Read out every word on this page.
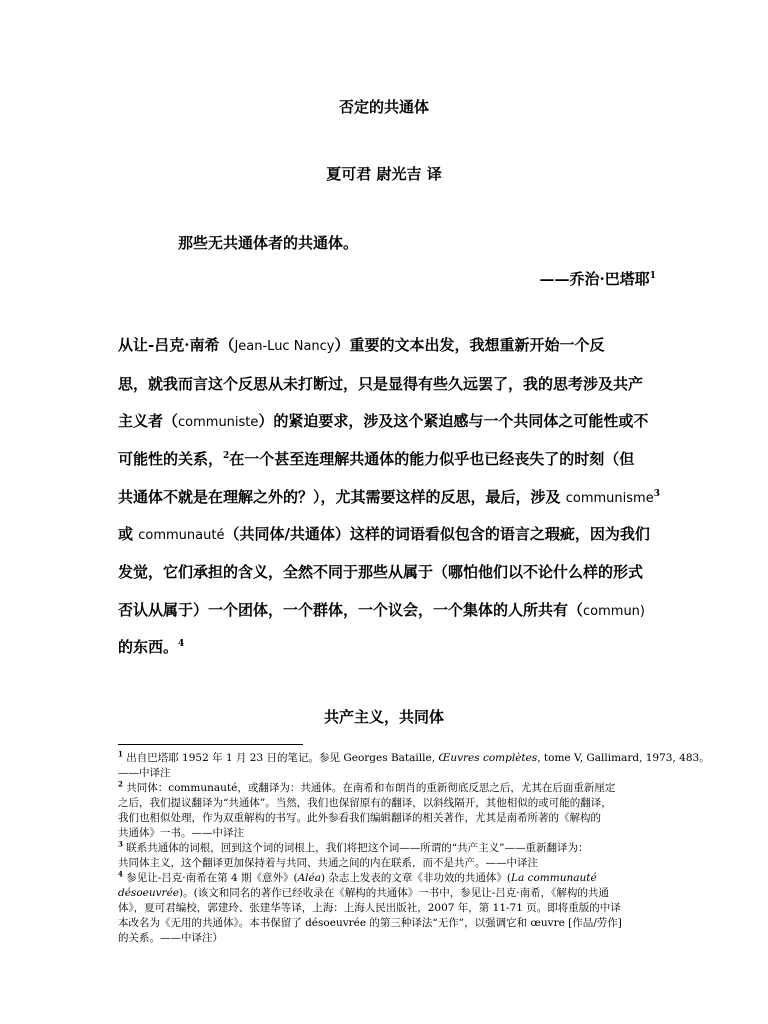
否定的共通体
夏可君 尉光吉 译
那些无共通体者的共通体。
——乔治·巴塔耶$^1$
从让-吕克·南希（Jean-Luc Nancy）重要的文本出发，我想重新开始一个反
思，就我而言这个反思从未打断过，只是显得有些久远罢了，我的思考涉及共产
主义者（communiste）的紧迫要求，涉及这个紧迫感与一个共同体之可能性或不
可能性的关系，$^2$在一个甚至连理解共通体的能力似乎也已经丧失了的时刻（但
共通体不就是在理解之外的？），尤其需要这样的反思，最后，涉及 communisme$^3$
或 communauté（共同体/共通体）这样的词语看似包含的语言之瑕疵，因为我们
发觉，它们承担的含义，全然不同于那些从属于（哪怕他们以不论什么样的形式
否认从属于）一个团体，一个群体，一个议会，一个集体的人所共有（commun)
的东西。$^4$
共产主义，共同体
$^1$ 出自巴塔耶 1952 年 1 月 23 日的笔记。参见 Georges Bataille, Œuvres complètes, tome V, Gallimard, 1973, 483。
——中译注
$^2$ 共同体：communauté，或翻译为：共通体。在南希和布朗肖的重新彻底反思之后，尤其在后面重新厘定
之后，我们提议翻译为“共通体”。当然，我们也保留原有的翻译，以斜线隔开，其他相似的或可能的翻译，
我们也相似处理，作为双重解构的书写。此外参看我们编辑翻译的相关著作，尤其是南希所著的《解构的
共通体》一书。——中译注
$^3$ 联系共通体的词根，回到这个词的词根上，我们将把这个词——所谓的“共产主义”——重新翻译为：
共同体主义，这个翻译更加保持着与共同、共通之间的内在联系，而不是共产。——中译注
$^4$ 参见让-吕克·南希在第 4 期《意外》(Aléa) 杂志上发表的文章《非功效的共通体》(La communauté
désoeuvrée)。(该文和同名的著作已经收录在《解构的共通体》一书中，参见让-吕克·南希，《解构的共通
体》，夏可君编校，郭建玲、张建华等译，上海：上海人民出版社，2007 年，第 11-71 页。即将重版的中译
本改名为《无用的共通体》。本书保留了 désoeuvrée 的第三种译法“无作”，以强调它和 œuvre [作品/劳作]
的关系。——中译注）
